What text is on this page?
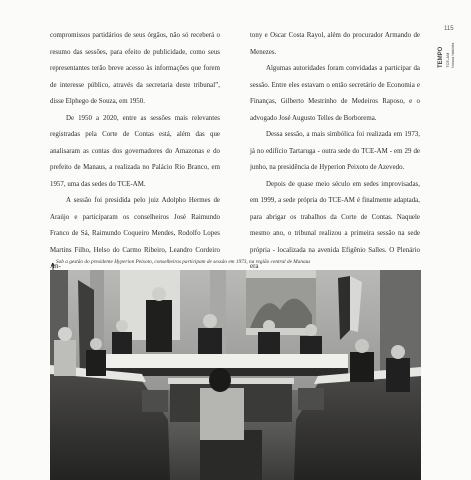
compromissos partidários de seus órgãos, não só receberá o resumo das sessões, para efeito de publicidade, como seus representantes terão breve acesso às informações que forem de interesse público, através da secretaria deste tribunal”, disse Elphego de Souza, em 1950.

De 1950 a 2020, entre as sessões mais relevantes registradas pela Corte de Contas está, além das que analisaram as contas dos governadores do Amazonas e do prefeito de Manaus, a realizada no Palácio Rio Branco, em 1957, uma das sedes do TCE-AM.

A sessão foi presidida pelo juiz Adolpho Hermes de Araújo e participaram os conselheiros José Raimundo Franco de Sá, Raimundo Coqueiro Mendes, Rodolfo Lopes Martins Filho, Helso do Carmo Ribeiro, Leandro Cordeiro An-

tony e Oscar Costa Rayol, além do procurador Armando de Menezes.

Algumas autoridades foram convidadas a participar da sessão. Entre eles estavam o então secretário de Economia e Finanças, Gilberto Mestrinho de Medeiros Raposo, e o advogado José Augusto Telles de Borborema.

Dessa sessão, a mais simbólica foi realizada em 1973, já no edifício Tartaruga - outra sede do TCE-AM - em 29 de junho, na presidência de Hyperion Peixoto de Azevedo.

Depois de quase meio século em sedes improvisadas, em 1999, a sede própria do TCE-AM é finalmente adaptada, para abrigar os trabalhos da Corte de Contas. Naquele mesmo ano, o tribunal realizou a primeira sessão na sede própria - localizada na avenida Efigênio Salles. O Plenário era

115
TEMPO TCE-AM Nossa história
Sob a gestão do presidente Hyperion Peixoto, conselheiros participam de sessão em 1973, na região central de Manaus
